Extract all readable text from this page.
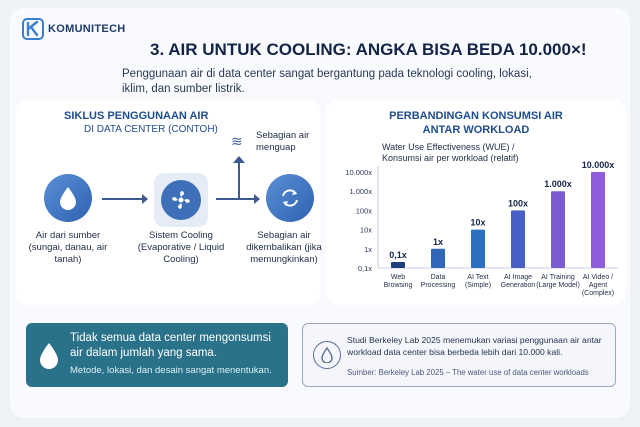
KOMUNITECH
3. AIR UNTUK COOLING: ANGKA BISA BEDA 10.000×!
Penggunaan air di data center sangat bergantung pada teknologi cooling, lokasi, iklim, dan sumber listrik.
SIKLUS PENGGUNAAN AIR
DI DATA CENTER (CONTOH)
≋ Sebagian air menguap
Air dari sumber (sungai, danau, air tanah)
Sistem Cooling (Evaporative / Liquid Cooling)
Sebagian air dikembalikan (jika memungkinkan)
PERBANDINGAN KONSUMSI AIR
ANTAR WORKLOAD
Water Use Effectiveness (WUE) /
Konsumsi air per workload (relatif)
10.000x
1.000x
100x
10x
1x
0,1x
0,1x
Web Browsing
1x
Data Processing
10x
AI Text (Simple)
100x
AI Image Generation
1.000x
AI Training (Large Model)
10.000x
AI Video / Agent (Complex)
Tidak semua data center mengonsumsi air dalam jumlah yang sama.
Metode, lokasi, dan desain sangat menentukan.
Studi Berkeley Lab 2025 menemukan variasi penggunaan air antar workload data center bisa berbeda lebih dari 10.000 kali.
Sumber: Berkeley Lab 2025 – The water use of data center workloads
